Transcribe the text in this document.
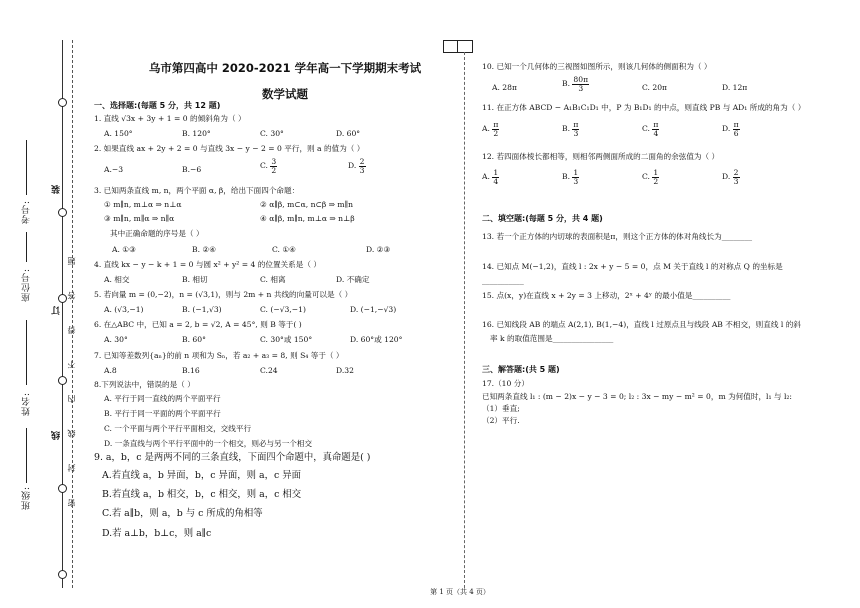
考号:
座位号:
姓名:
班级:
装
订
线 密 封 线 内 不 得 答 题
乌市第四高中 2020-2021 学年高一下学期期末考试
数学试题
一、选择题:(每题 5 分，共 12 题)
1. 直线 √3x + 3y + 1 = 0 的倾斜角为（ ）
A. 150°	B. 120°	C. 30°	D. 60°
2. 如果直线 ax + 2y + 2 = 0 与直线 3x − y − 2 = 0 平行，则 a 的值为（ ）
A.−3	B.−6	C. $\frac{3}{2}$	D. $\frac{2}{3}$
3. 已知两条直线 m, n，两个平面 α, β，给出下面四个命题：
① m∥n, m⊥α ⇒ n⊥α	② α∥β, m⊂α, n⊂β ⇒ m∥n
③ m∥n, m∥α ⇒ n∥α	④ α∥β, m∥n, m⊥α ⇒ n⊥β
其中正确命题的序号是（ ）
A. ①③	B. ②④	C. ①④	D. ②③
4. 直线 kx − y − k + 1 = 0 与圆 x² + y² = 4 的位置关系是（ ）
A. 相交	B. 相切	C. 相离	D. 不确定
5. 若向量 m = (0,−2)，n = (√3,1)，则与 2m + n 共线的向量可以是（ ）
A. (√3,−1)	B. (−1,√3)	C. (−√3,−1)	D. (−1,−√3)
6. 在△ABC 中，已知 a = 2, b = √2, A = 45°, 则 B 等于( )
A. 30°	B. 60°	C. 30°或 150°	D. 60°或 120°
7. 已知等差数列{aₙ}的前 n 项和为 Sₙ，若 a₂ + a₃ = 8, 则 S₄ 等于（ ）
A.8	B.16	C.24	D.32
8.下列说法中，错误的是（ ）
A. 平行于同一直线的两个平面平行
B. 平行于同一平面的两个平面平行
C. 一个平面与两个平行平面相交，交线平行
D. 一条直线与两个平行平面中的一个相交，则必与另一个相交
9. a，b，c 是两两不同的三条直线，下面四个命题中，真命题是( )
A.若直线 a，b 异面，b，c 异面，则 a，c 异面
B.若直线 a，b 相交，b，c 相交，则 a，c 相交
C.若 a∥b，则 a，b 与 c 所成的角相等
D.若 a⊥b，b⊥c，则 a∥c
10. 已知一个几何体的三视图如图所示，则该几何体的侧面积为（ ）
A. 28π	B. $\frac{80\pi}{3}$	C. 20π	D. 12π
11. 在正方体 ABCD − A₁B₁C₁D₁ 中，P 为 B₁D₁ 的中点，则直线 PB 与 AD₁ 所成的角为（ ）
A. $\frac{\pi}{2}$	B. $\frac{\pi}{3}$	C. $\frac{\pi}{4}$	D. $\frac{\pi}{6}$
12. 若四面体棱长都相等，则相邻两侧面所成的二面角的余弦值为（ ）
A. $\frac{1}{4}$	B. $\frac{1}{3}$	C. $\frac{1}{2}$	D. $\frac{2}{3}$
二、填空题:(每题 5 分，共 4 题)
13. 若一个正方体的内切球的表面积是π，则这个正方体的体对角线长为________
14. 已知点 M(−1,2)，直线 l : 2x + y − 5 = 0，点 M 关于直线 l 的对称点 Q 的坐标是
___________
15. 点(x，y)在直线 x + 2y = 3 上移动，2ˣ + 4ʸ 的最小值是__________
16. 已知线段 AB 的端点 A(2,1), B(1,−4)，直线 l 过原点且与线段 AB 不相交，则直线 l 的斜
率 k 的取值范围是________________
三、解答题:(共 5 题)
17.（10 分）
已知两条直线 l₁ : (m − 2)x − y − 3 = 0; l₂ : 3x − my − m² = 0，m 为何值时，l₁ 与 l₂:
（1）垂直;
（2）平行.
第 1 页（共 4 页）
